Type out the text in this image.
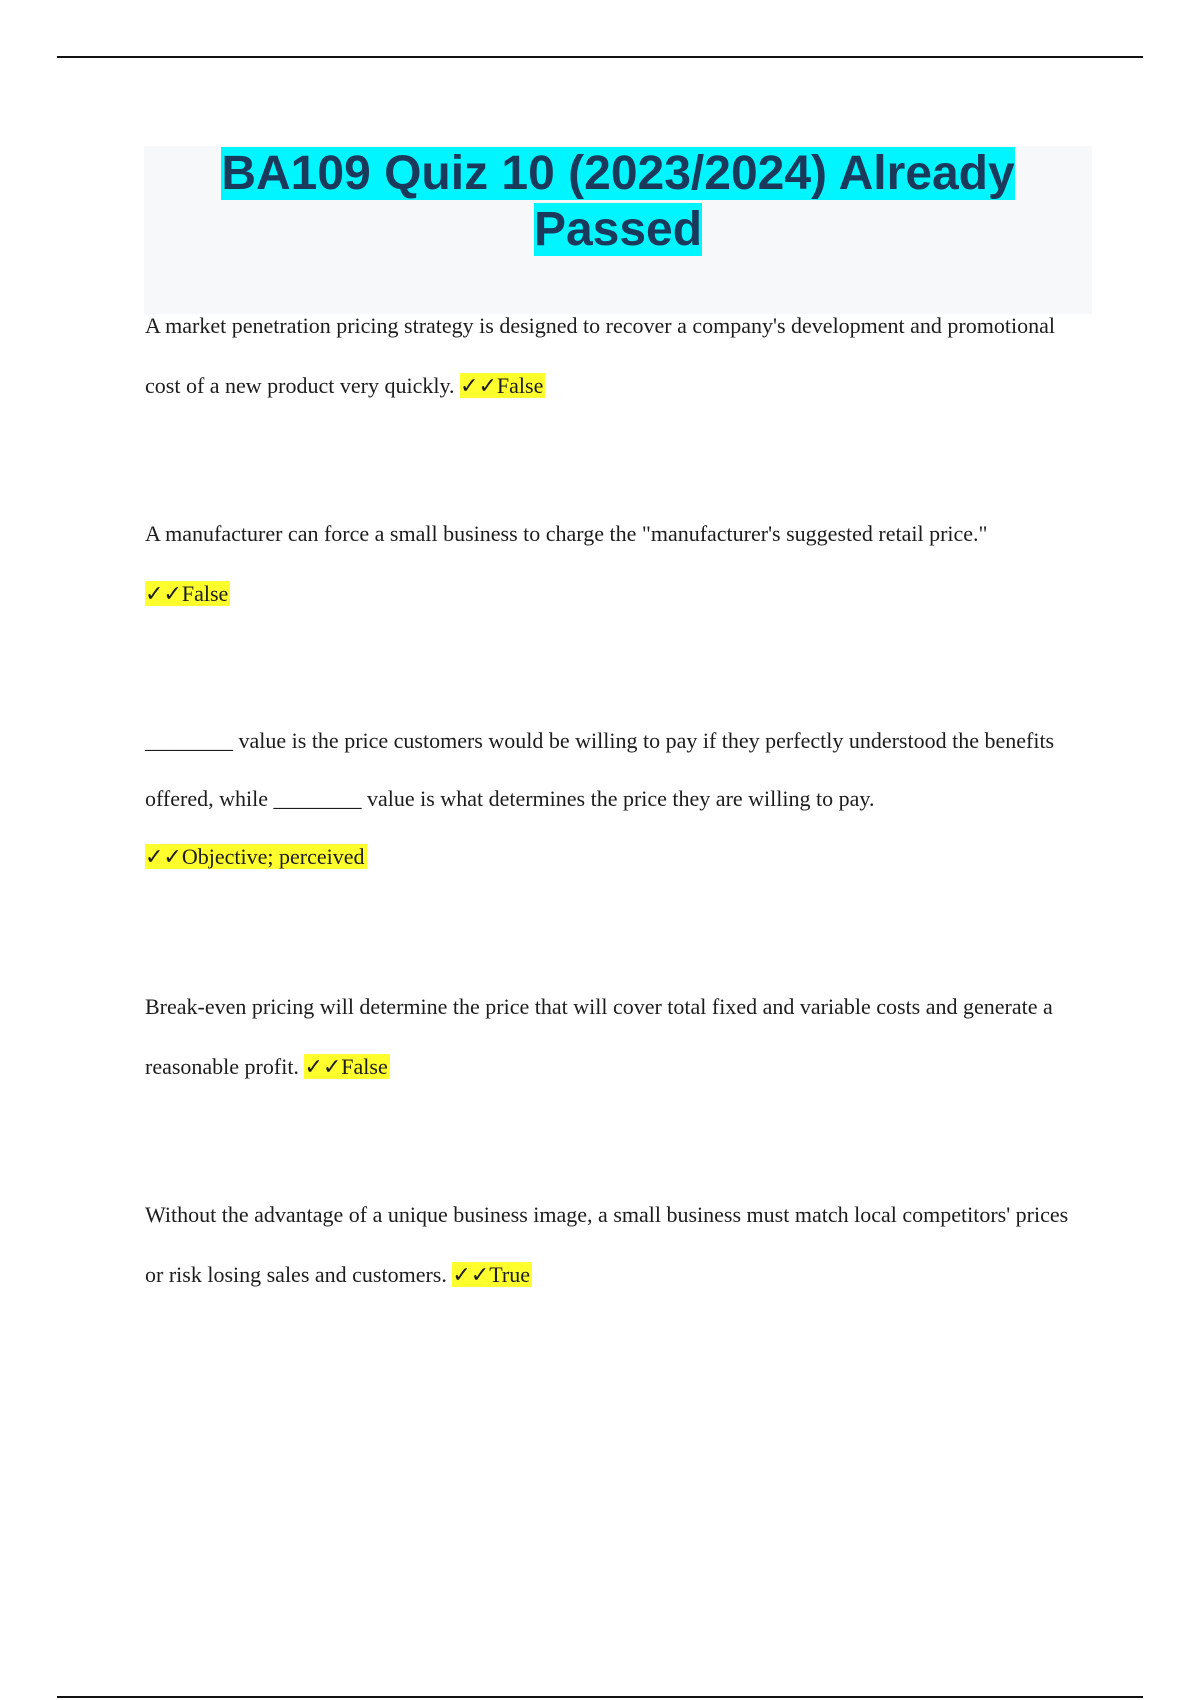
BA109 Quiz 10 (2023/2024) Already Passed
A market penetration pricing strategy is designed to recover a company's development and promotional cost of a new product very quickly. ✓✓False
A manufacturer can force a small business to charge the "manufacturer's suggested retail price."
✓✓False
________ value is the price customers would be willing to pay if they perfectly understood the benefits offered, while ________ value is what determines the price they are willing to pay.
✓✓Objective; perceived
Break-even pricing will determine the price that will cover total fixed and variable costs and generate a reasonable profit. ✓✓False
Without the advantage of a unique business image, a small business must match local competitors' prices or risk losing sales and customers. ✓✓True
